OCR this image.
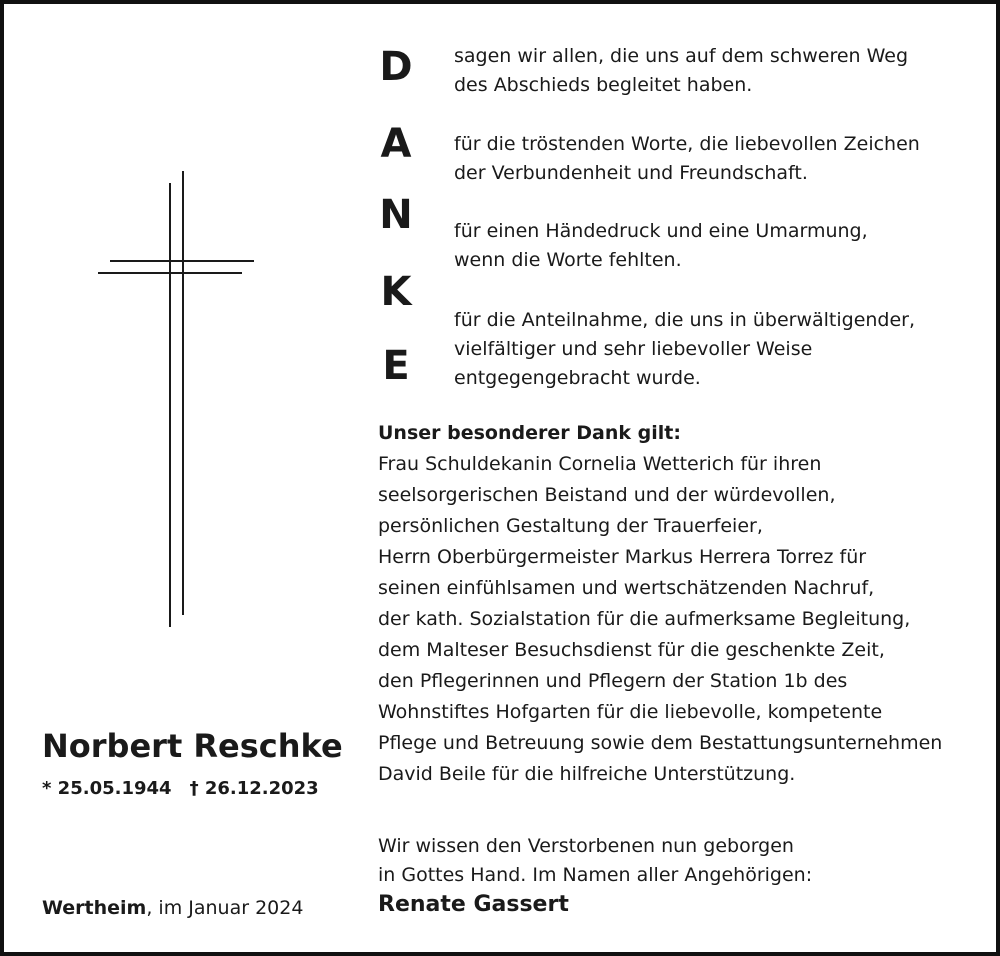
Norbert Reschke
* 25.05.1944 † 26.12.2023
Wertheim, im Januar 2024
D
A
N
K
E
sagen wir allen, die uns auf dem schweren Weg
des Abschieds begleitet haben.
für die tröstenden Worte, die liebevollen Zeichen
der Verbundenheit und Freundschaft.
für einen Händedruck und eine Umarmung,
wenn die Worte fehlten.
für die Anteilnahme, die uns in überwältigender,
vielfältiger und sehr liebevoller Weise
entgegengebracht wurde.
Unser besonderer Dank gilt:
Frau Schuldekanin Cornelia Wetterich für ihren
seelsorgerischen Beistand und der würdevollen,
persönlichen Gestaltung der Trauerfeier,
Herrn Oberbürgermeister Markus Herrera Torrez für
seinen einfühlsamen und wertschätzenden Nachruf,
der kath. Sozialstation für die aufmerksame Begleitung,
dem Malteser Besuchsdienst für die geschenkte Zeit,
den Pflegerinnen und Pflegern der Station 1b des
Wohnstiftes Hofgarten für die liebevolle, kompetente
Pflege und Betreuung sowie dem Bestattungsunternehmen
David Beile für die hilfreiche Unterstützung.
Wir wissen den Verstorbenen nun geborgen
in Gottes Hand. Im Namen aller Angehörigen:
Renate Gassert
